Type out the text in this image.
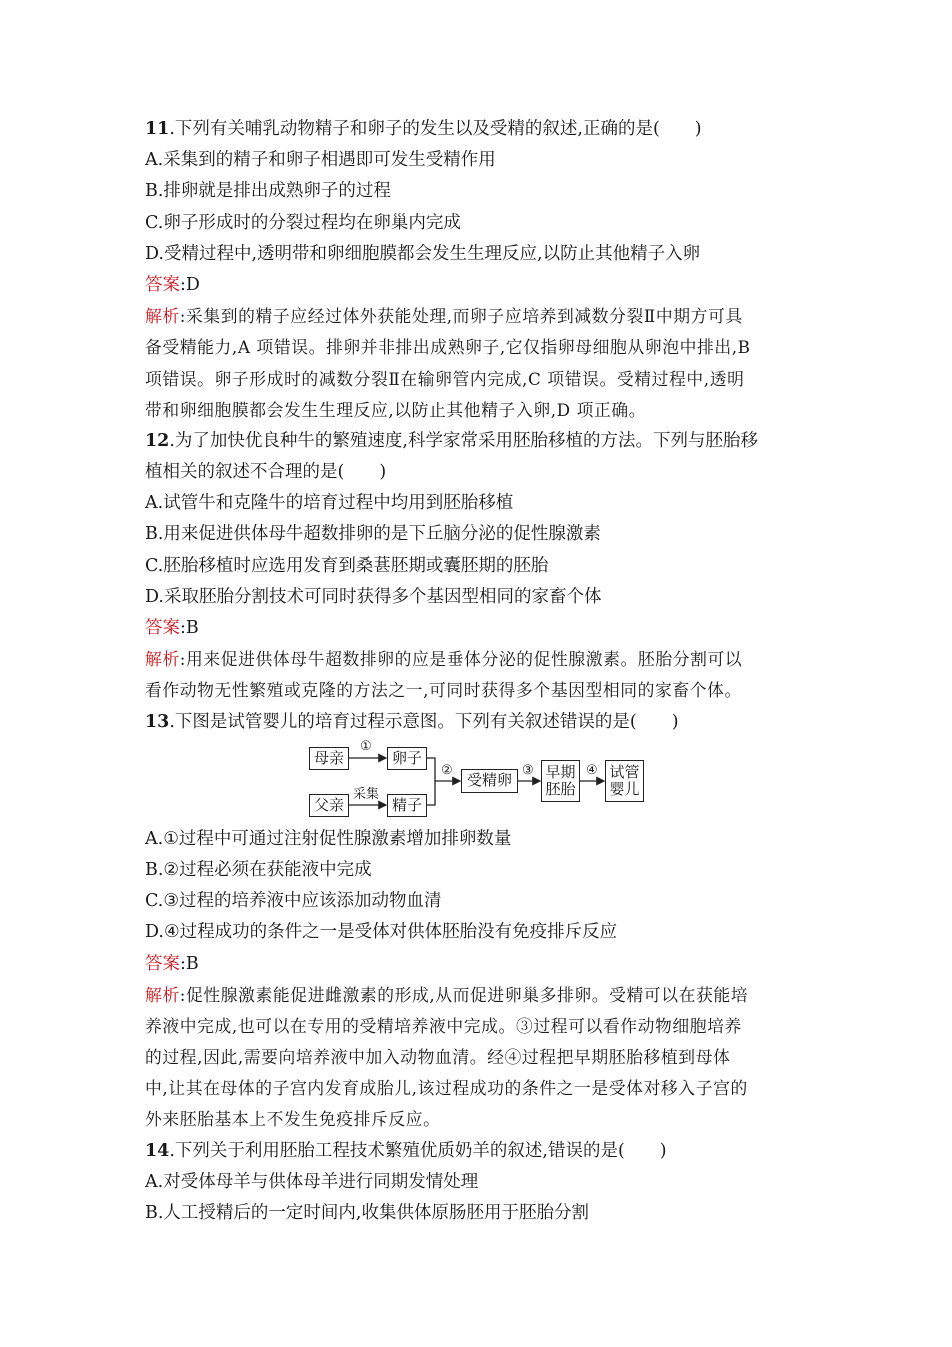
11.下列有关哺乳动物精子和卵子的发生以及受精的叙述,正确的是(　　)
A.采集到的精子和卵子相遇即可发生受精作用
B.排卵就是排出成熟卵子的过程
C.卵子形成时的分裂过程均在卵巢内完成
D.受精过程中,透明带和卵细胞膜都会发生生理反应,以防止其他精子入卵
答案:D
解析:采集到的精子应经过体外获能处理,而卵子应培养到减数分裂Ⅱ中期方可具
备受精能力,A 项错误。排卵并非排出成熟卵子,它仅指卵母细胞从卵泡中排出,B
项错误。卵子形成时的减数分裂Ⅱ在输卵管内完成,C 项错误。受精过程中,透明
带和卵细胞膜都会发生生理反应,以防止其他精子入卵,D 项正确。
12.为了加快优良种牛的繁殖速度,科学家常采用胚胎移植的方法。下列与胚胎移
植相关的叙述不合理的是(　　)
A.试管牛和克隆牛的培育过程中均用到胚胎移植
B.用来促进供体母牛超数排卵的是下丘脑分泌的促性腺激素
C.胚胎移植时应选用发育到桑葚胚期或囊胚期的胚胎
D.采取胚胎分割技术可同时获得多个基因型相同的家畜个体
答案:B
解析:用来促进供体母牛超数排卵的应是垂体分泌的促性腺激素。胚胎分割可以
看作动物无性繁殖或克隆的方法之一,可同时获得多个基因型相同的家畜个体。
13.下图是试管婴儿的培育过程示意图。下列有关叙述错误的是(　　)
母亲
父亲
卵子
精子
受精卵	早期
胚胎
试管
婴儿
①
采集
②	③	④
A.①过程中可通过注射促性腺激素增加排卵数量
B.②过程必须在获能液中完成
C.③过程的培养液中应该添加动物血清
D.④过程成功的条件之一是受体对供体胚胎没有免疫排斥反应
答案:B
解析:促性腺激素能促进雌激素的形成,从而促进卵巢多排卵。受精可以在获能培
养液中完成,也可以在专用的受精培养液中完成。③过程可以看作动物细胞培养
的过程,因此,需要向培养液中加入动物血清。经④过程把早期胚胎移植到母体
中,让其在母体的子宫内发育成胎儿,该过程成功的条件之一是受体对移入子宫的
外来胚胎基本上不发生免疫排斥反应。
14.下列关于利用胚胎工程技术繁殖优质奶羊的叙述,错误的是(　　)
A.对受体母羊与供体母羊进行同期发情处理
B.人工授精后的一定时间内,收集供体原肠胚用于胚胎分割
